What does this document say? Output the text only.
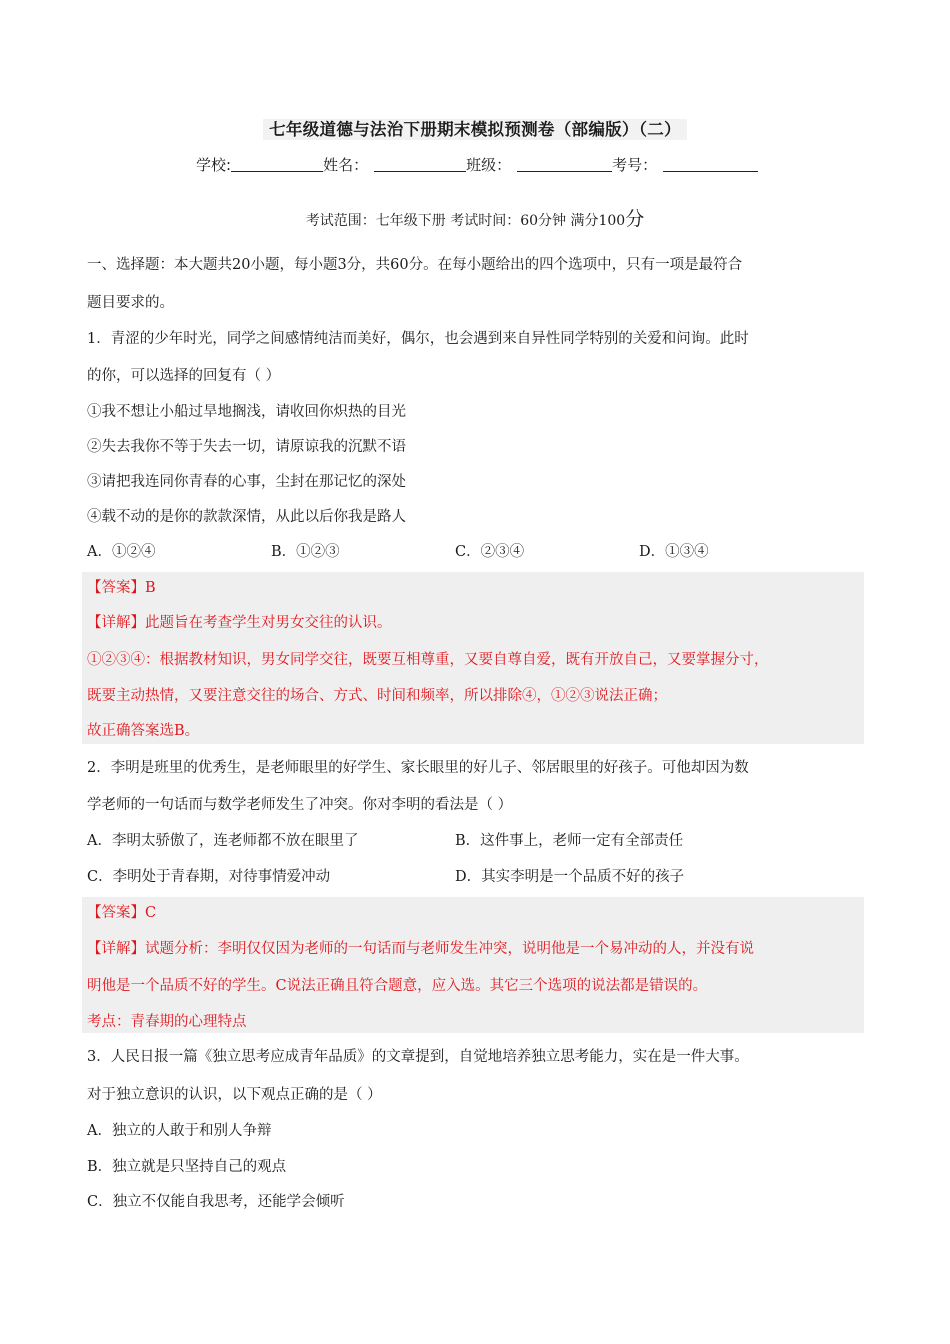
七年级道德与法治下册期末模拟预测卷（部编版）（二）
学校:	姓名：	班级：	考号：
考试范围：七年级下册 考试时间：60分钟 满分100分
一、选择题：本大题共20小题，每小题3分，共60分。在每小题给出的四个选项中，只有一项是最符合
题目要求的。
1．青涩的少年时光，同学之间感情纯洁而美好，偶尔，也会遇到来自异性同学特别的关爱和问询。此时
的你，可以选择的回复有（ ）
①我不想让小船过旱地搁浅，请收回你炽热的目光
②失去我你不等于失去一切，请原谅我的沉默不语
③请把我连同你青春的心事，尘封在那记忆的深处
④载不动的是你的款款深情，从此以后你我是路人
A．①②④	B．①②③	C．②③④	D．①③④
【答案】B
【详解】此题旨在考查学生对男女交往的认识。
①②③④：根据教材知识，男女同学交往，既要互相尊重，又要自尊自爱，既有开放自己，又要掌握分寸，
既要主动热情，又要注意交往的场合、方式、时间和频率，所以排除④，①②③说法正确；
故正确答案选B。
2．李明是班里的优秀生，是老师眼里的好学生、家长眼里的好儿子、邻居眼里的好孩子。可他却因为数
学老师的一句话而与数学老师发生了冲突。你对李明的看法是（ ）
A．李明太骄傲了，连老师都不放在眼里了	B．这件事上，老师一定有全部责任
C．李明处于青春期，对待事情爱冲动	D．其实李明是一个品质不好的孩子
【答案】C
【详解】试题分析：李明仅仅因为老师的一句话而与老师发生冲突，说明他是一个易冲动的人，并没有说
明他是一个品质不好的学生。C说法正确且符合题意，应入选。其它三个选项的说法都是错误的。
考点：青春期的心理特点
3．人民日报一篇《独立思考应成青年品质》的文章提到，自觉地培养独立思考能力，实在是一件大事。
对于独立意识的认识，以下观点正确的是（ ）
A．独立的人敢于和别人争辩
B．独立就是只坚持自己的观点
C．独立不仅能自我思考，还能学会倾听
